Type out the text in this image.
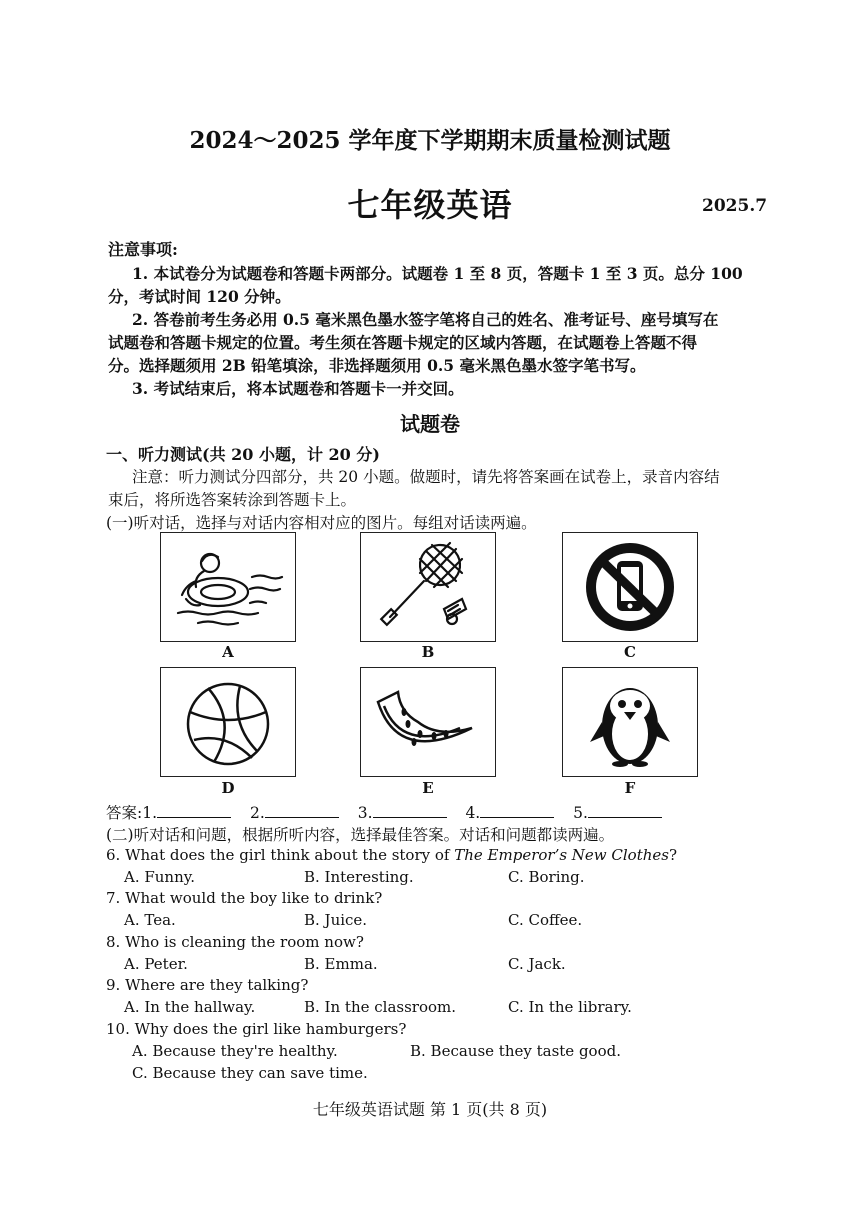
2024～2025 学年度下学期期末质量检测试题
七年级英语	2025.7
注意事项:
1. 本试卷分为试题卷和答题卡两部分。试题卷 1 至 8 页，答题卡 1 至 3 页。总分 100
分，考试时间 120 分钟。
2. 答卷前考生务必用 0.5 毫米黑色墨水签字笔将自己的姓名、准考证号、座号填写在
试题卷和答题卡规定的位置。考生须在答题卡规定的区域内答题，在试题卷上答题不得
分。选择题须用 2B 铅笔填涂，非选择题须用 0.5 毫米黑色墨水签字笔书写。
3. 考试结束后，将本试题卷和答题卡一并交回。
试题卷
一、听力测试(共 20 小题，计 20 分)
注意：听力测试分四部分，共 20 小题。做题时，请先将答案画在试卷上，录音内容结
束后，将所选答案转涂到答题卡上。
(一)听对话，选择与对话内容相对应的图片。每组对话读两遍。
A	B	C
D	E	F
答案:1.	2.	3.	4.	5.
(二)听对话和问题，根据所听内容，选择最佳答案。对话和问题都读两遍。
6. What does the girl think about the story of The Emperor’s New Clothes?
A. Funny.	B. Interesting.	C. Boring.
7. What would the boy like to drink?
A. Tea.	B. Juice.	C. Coffee.
8. Who is cleaning the room now?
A. Peter.	B. Emma.	C. Jack.
9. Where are they talking?
A. In the hallway.	B. In the classroom.	C. In the library.
10. Why does the girl like hamburgers?
A. Because they're healthy.	B. Because they taste good.
C. Because they can save time.
七年级英语试题 第 1 页(共 8 页)
